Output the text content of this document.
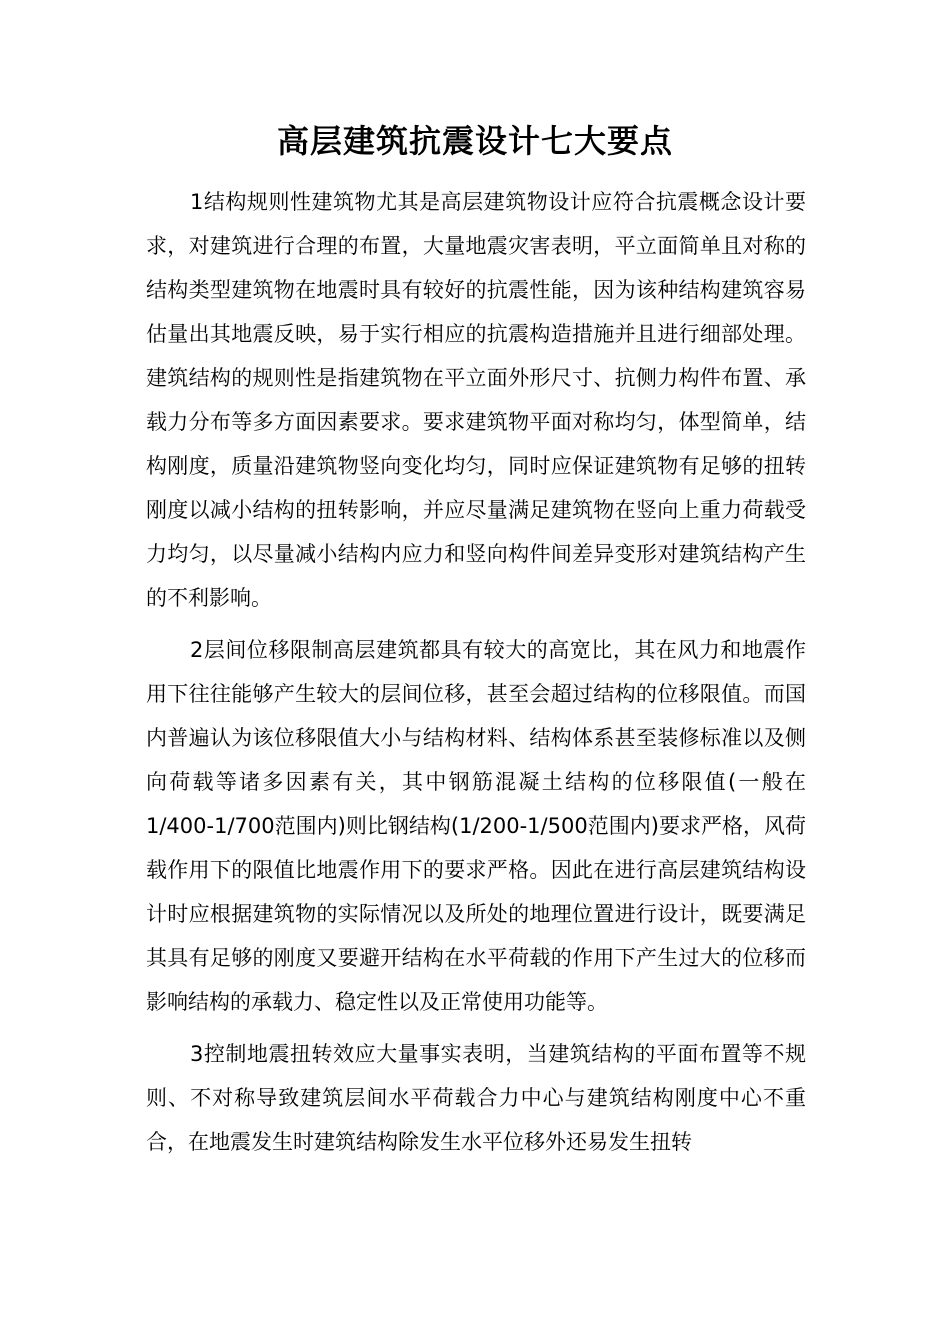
高层建筑抗震设计七大要点

1结构规则性建筑物尤其是高层建筑物设计应符合抗震概念设计要求，对建筑进行合理的布置，大量地震灾害表明，平立面简单且对称的结构类型建筑物在地震时具有较好的抗震性能，因为该种结构建筑容易估量出其地震反映，易于实行相应的抗震构造措施并且进行细部处理。建筑结构的规则性是指建筑物在平立面外形尺寸、抗侧力构件布置、承载力分布等多方面因素要求。要求建筑物平面对称均匀，体型简单，结构刚度，质量沿建筑物竖向变化均匀，同时应保证建筑物有足够的扭转刚度以减小结构的扭转影响，并应尽量满足建筑物在竖向上重力荷载受力均匀，以尽量减小结构内应力和竖向构件间差异变形对建筑结构产生的不利影响。

2层间位移限制高层建筑都具有较大的高宽比，其在风力和地震作用下往往能够产生较大的层间位移，甚至会超过结构的位移限值。而国内普遍认为该位移限值大小与结构材料、结构体系甚至装修标准以及侧向荷载等诸多因素有关，其中钢筋混凝土结构的位移限值(一般在1/400-1/700范围内)则比钢结构(1/200-1/500范围内)要求严格，风荷载作用下的限值比地震作用下的要求严格。因此在进行高层建筑结构设计时应根据建筑物的实际情况以及所处的地理位置进行设计，既要满足其具有足够的刚度又要避开结构在水平荷载的作用下产生过大的位移而影响结构的承载力、稳定性以及正常使用功能等。

3控制地震扭转效应大量事实表明，当建筑结构的平面布置等不规则、不对称导致建筑层间水平荷载合力中心与建筑结构刚度中心不重合，在地震发生时建筑结构除发生水平位移外还易发生扭转
